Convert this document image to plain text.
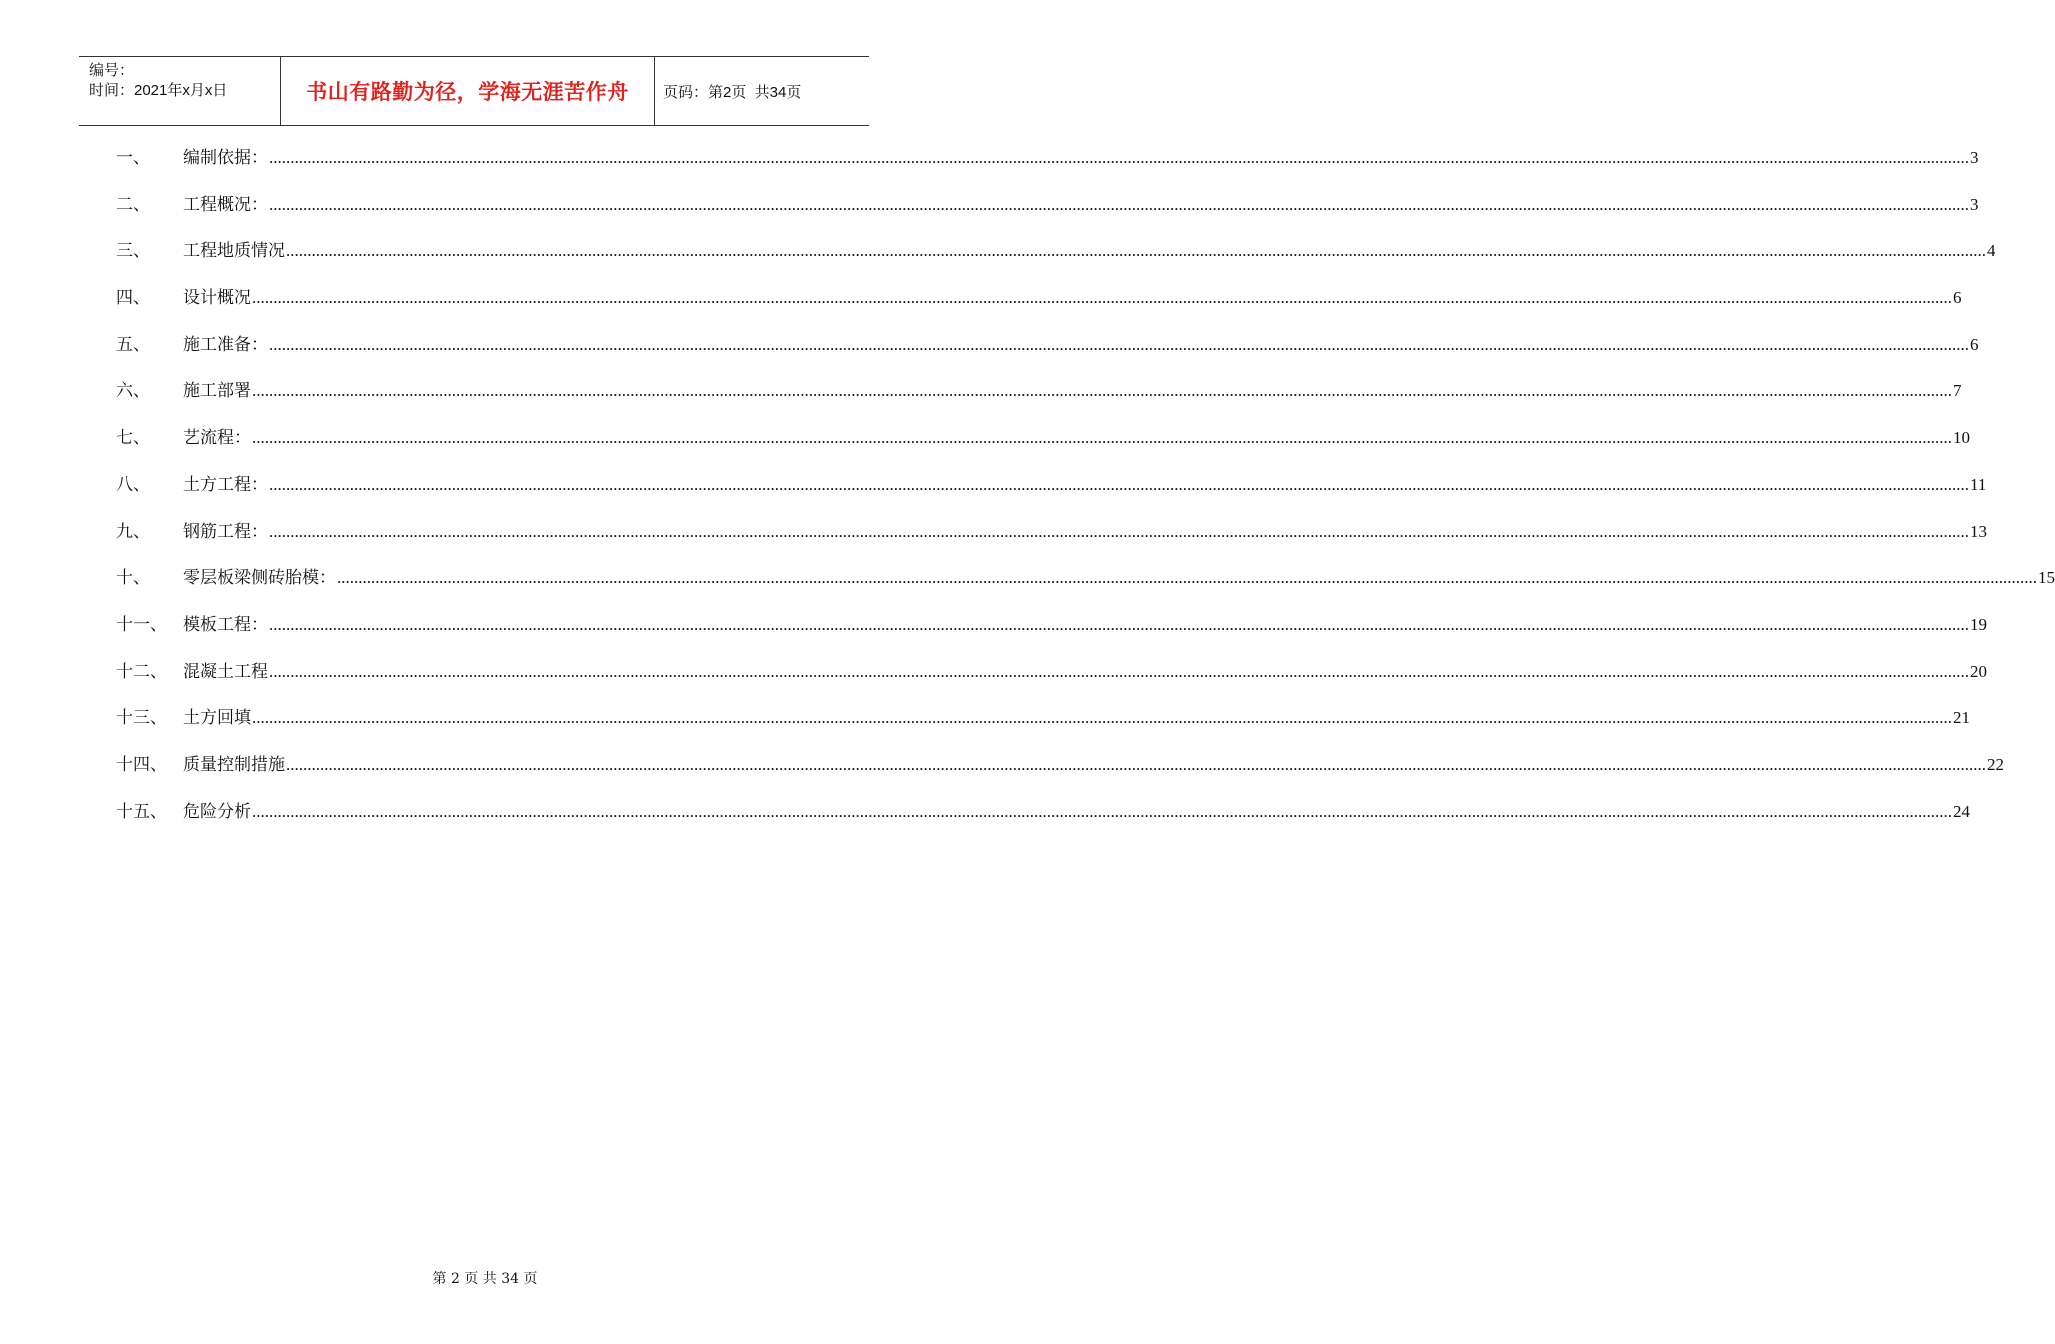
编号：
时间：2021年x月x日	书山有路勤为径，学海无涯苦作舟	页码：第2页  共34页
一、	编制依据： ................................................................................................................................................................................................................................................................................................................................................................................................................ 3
二、	工程概况： ................................................................................................................................................................................................................................................................................................................................................................................................................ 3
三、	工程地质情况 ................................................................................................................................................................................................................................................................................................................................................................................................................ 4
四、	设计概况 ................................................................................................................................................................................................................................................................................................................................................................................................................ 6
五、	施工准备： ................................................................................................................................................................................................................................................................................................................................................................................................................ 6
六、	施工部署 ................................................................................................................................................................................................................................................................................................................................................................................................................ 7
七、	艺流程： ................................................................................................................................................................................................................................................................................................................................................................................................................ 10
八、	土方工程： ................................................................................................................................................................................................................................................................................................................................................................................................................ 11
九、	钢筋工程： ................................................................................................................................................................................................................................................................................................................................................................................................................ 13
十、	零层板梁侧砖胎模： ................................................................................................................................................................................................................................................................................................................................................................................................................ 15
十一、 模板工程： ................................................................................................................................................................................................................................................................................................................................................................................................................ 19
十二、 混凝土工程 ................................................................................................................................................................................................................................................................................................................................................................................................................ 20
十三、 土方回填 ................................................................................................................................................................................................................................................................................................................................................................................................................ 21
十四、 质量控制措施 ................................................................................................................................................................................................................................................................................................................................................................................................................ 22
十五、 危险分析 ................................................................................................................................................................................................................................................................................................................................................................................................................ 24
第 2 页 共 34 页
